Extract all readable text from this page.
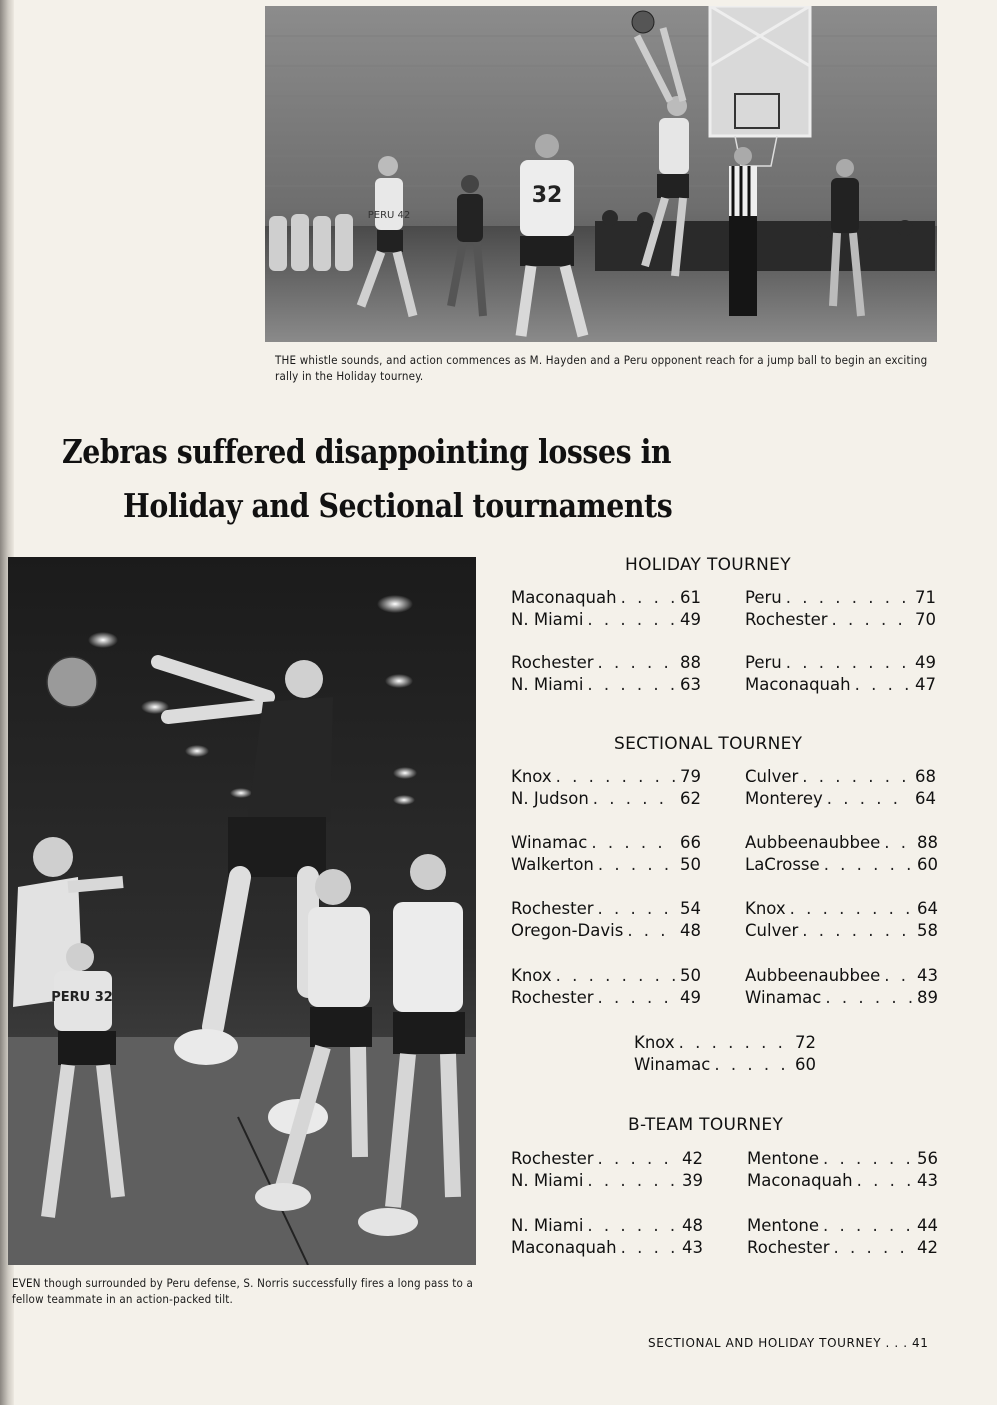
PERU 42
32
THE whistle sounds, and action commences as M. Hayden and a Peru opponent reach for a jump ball to begin an exciting rally in the Holiday tourney.
Zebras suffered disappointing losses in
Holiday and Sectional tournaments
PERU 32
EVEN though surrounded by Peru defense, S. Norris successfully fires a long pass to a fellow teammate in an action-packed tilt.
HOLIDAY TOURNEY
Maconaquah . . .	61
N. Miami . . .	49
Peru . . .	71
Rochester . . .	70
Rochester . . .	88
N. Miami . . .	63
Peru . . .	49
Maconaquah . . .	47
SECTIONAL TOURNEY
Knox . . .	79
N. Judson . . .	62
Culver . . .	68
Monterey . . .	64
Winamac . . .	66
Walkerton . . .	50
Aubbeenaubbee . . . 88
LaCrosse . . .	60
Rochester . . .	54
Oregon-Davis . . .	48
Knox . . .	64
Culver . . .	58
Knox . . .	50
Rochester . . .	49
Aubbeenaubbee . . . 43
Winamac . . .	89
Knox . . .	72
Winamac . . .	60
B-TEAM TOURNEY
Rochester . . .	42
N. Miami . . .	39
Mentone . . .	56
Maconaquah . . .	43
N. Miami . . .	48
Maconaquah . . .	43
Mentone . . .	44
Rochester . . .	42
SECTIONAL AND HOLIDAY TOURNEY . . . 41
